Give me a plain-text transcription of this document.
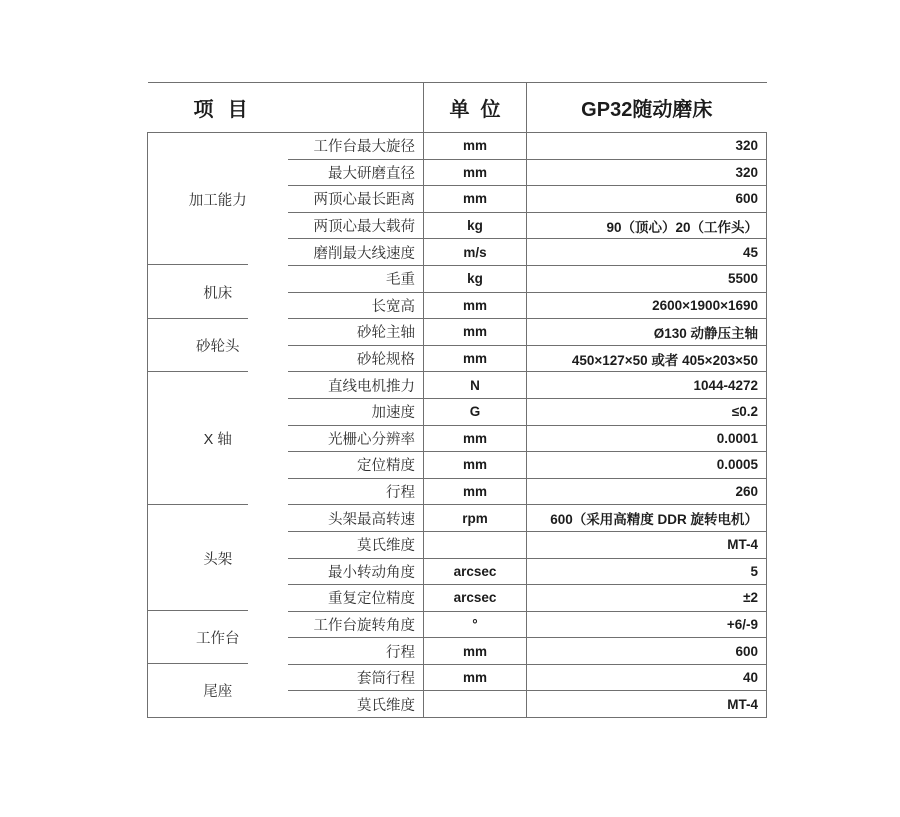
项  目		单  位	GP32随动磨床
加工能力	工作台最大旋径	mm	320
	最大研磨直径	mm	320
	两顶心最长距离	mm	600
	两顶心最大载荷	kg	90（顶心）20（工作头）
	磨削最大线速度	m/s	45
机床	毛重	kg	5500
	长宽高	mm	2600×1900×1690
砂轮头	砂轮主轴	mm	Ø130 动静压主轴
	砂轮规格	mm	450×127×50 或者 405×203×50
X 轴	直线电机推力	N	1044-4272
	加速度	G	≤0.2
	光栅心分辨率	mm	0.0001
	定位精度	mm	0.0005
	行程	mm	260
头架	头架最高转速	rpm	600（采用高精度 DDR 旋转电机）
	莫氏维度		MT-4
	最小转动角度	arcsec	5
	重复定位精度	arcsec	±2
工作台	工作台旋转角度	°	+6/-9
	行程	mm	600
尾座	套筒行程	mm	40
	莫氏维度		MT-4
